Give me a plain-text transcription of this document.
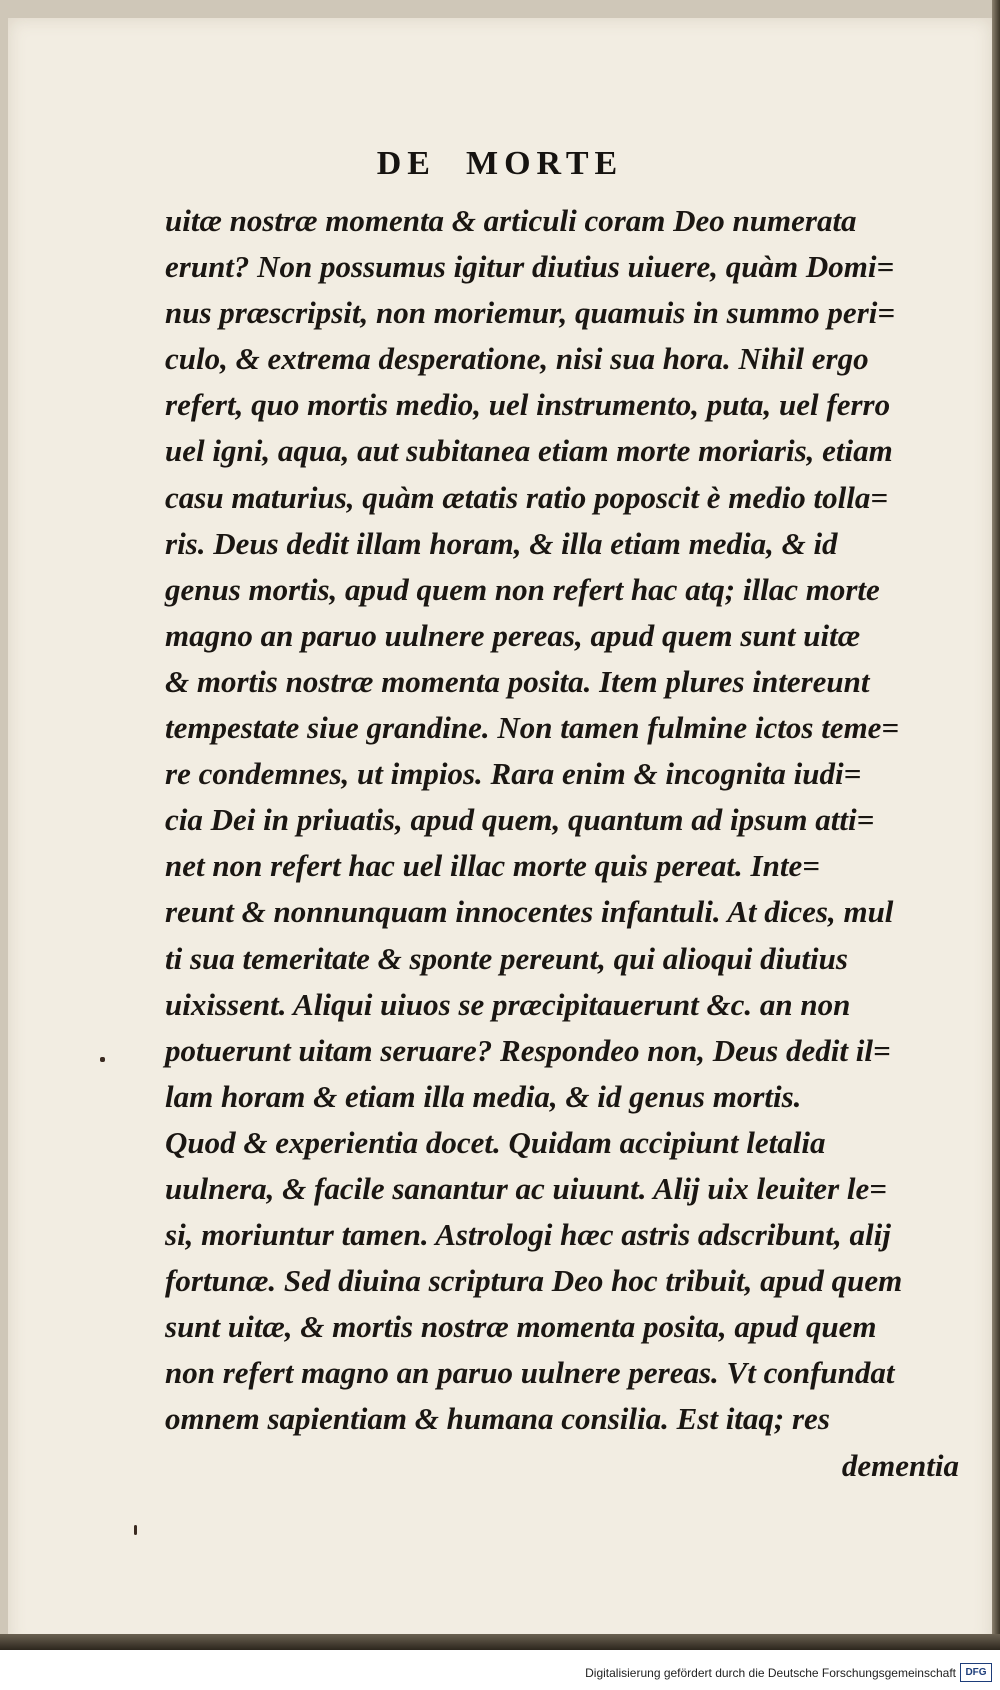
DE MORTE
uitæ nostræ momenta & articuli coram Deo numerata
erunt? Non possumus igitur diutius uiuere, quàm Domi=
nus præscripsit, non moriemur, quamuis in summo peri=
culo, & extrema desperatione, nisi sua hora. Nihil ergo
refert, quo mortis medio, uel instrumento, puta, uel ferro
uel igni, aqua, aut subitanea etiam morte moriaris, etiam
casu maturius, quàm ætatis ratio poposcit è medio tolla=
ris. Deus dedit illam horam, & illa etiam media, & id
genus mortis, apud quem non refert hac atq; illac morte
magno an paruo uulnere pereas, apud quem sunt uitæ
& mortis nostræ momenta posita. Item plures intereunt
tempestate siue grandine. Non tamen fulmine ictos teme=
re condemnes, ut impios. Rara enim & incognita iudi=
cia Dei in priuatis, apud quem, quantum ad ipsum atti=
net non refert hac uel illac morte quis pereat. Inte=
reunt & nonnunquam innocentes infantuli. At dices, mul
ti sua temeritate & sponte pereunt, qui alioqui diutius
uixissent. Aliqui uiuos se præcipitauerunt &c. an non
potuerunt uitam seruare? Respondeo non, Deus dedit il=
lam horam & etiam illa media, & id genus mortis.
Quod & experientia docet. Quidam accipiunt letalia
uulnera, & facile sanantur ac uiuunt. Alij uix leuiter le=
si, moriuntur tamen. Astrologi hæc astris adscribunt, alij
fortunæ. Sed diuina scriptura Deo hoc tribuit, apud quem
sunt uitæ, & mortis nostræ momenta posita, apud quem
non refert magno an paruo uulnere pereas. Vt confundat
omnem sapientiam & humana consilia. Est itaq; res
dementia
Digitalisierung gefördert durch die Deutsche Forschungsgemeinschaft DFG
